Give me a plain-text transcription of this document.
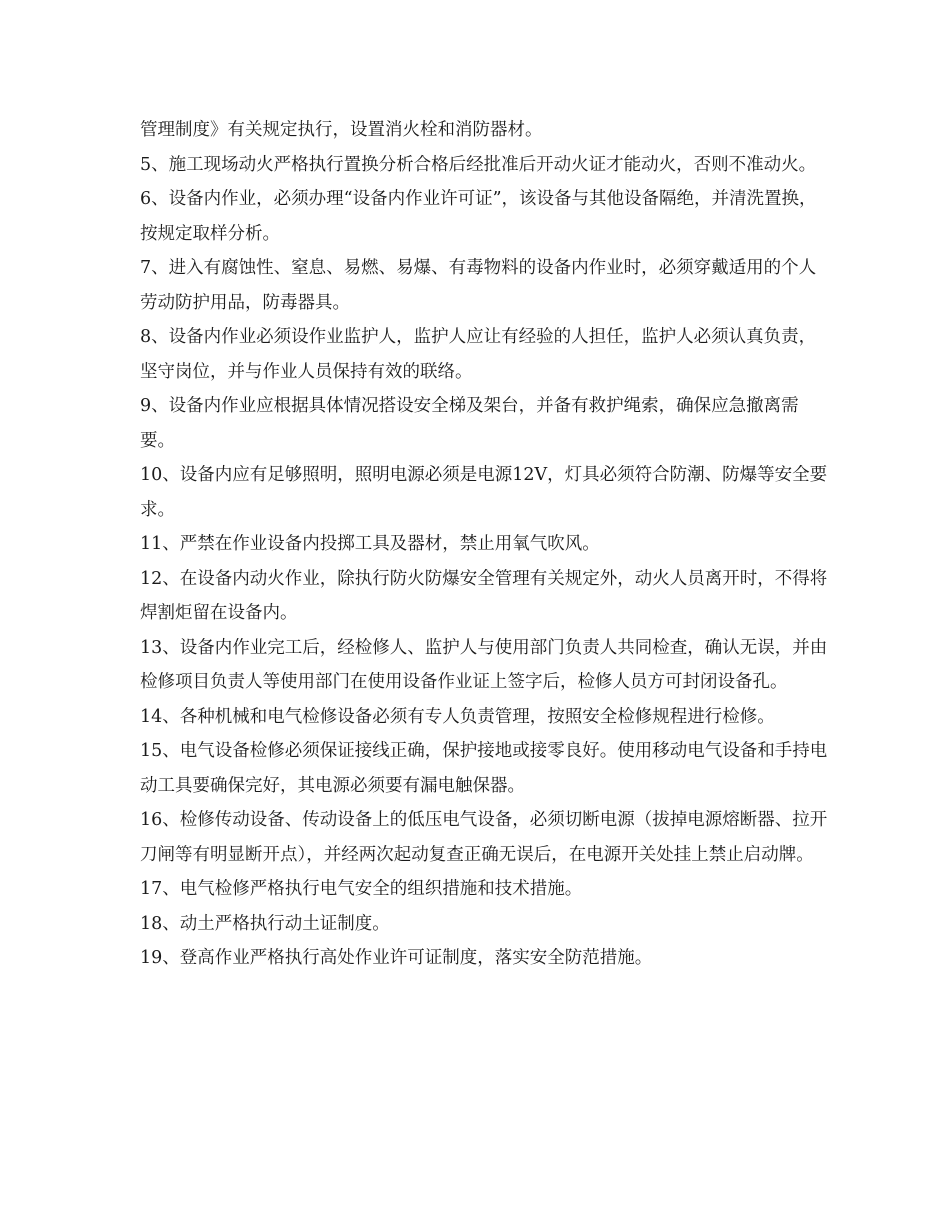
管理制度》有关规定执行，设置消火栓和消防器材。

5、施工现场动火严格执行置换分析合格后经批准后开动火证才能动火，否则不准动火。

6、设备内作业，必须办理“设备内作业许可证”，该设备与其他设备隔绝，并清洗置换，按规定取样分析。

7、进入有腐蚀性、窒息、易燃、易爆、有毒物料的设备内作业时，必须穿戴适用的个人劳动防护用品，防毒器具。

8、设备内作业必须设作业监护人，监护人应让有经验的人担任，监护人必须认真负责，坚守岗位，并与作业人员保持有效的联络。

9、设备内作业应根据具体情况搭设安全梯及架台，并备有救护绳索，确保应急撤离需要。

10、设备内应有足够照明，照明电源必须是电源12V，灯具必须符合防潮、防爆等安全要求。

11、严禁在作业设备内投掷工具及器材，禁止用氧气吹风。

12、在设备内动火作业，除执行防火防爆安全管理有关规定外，动火人员离开时，不得将焊割炬留在设备内。

13、设备内作业完工后，经检修人、监护人与使用部门负责人共同检查，确认无误，并由检修项目负责人等使用部门在使用设备作业证上签字后，检修人员方可封闭设备孔。

14、各种机械和电气检修设备必须有专人负责管理，按照安全检修规程进行检修。

15、电气设备检修必须保证接线正确，保护接地或接零良好。使用移动电气设备和手持电动工具要确保完好，其电源必须要有漏电触保器。

16、检修传动设备、传动设备上的低压电气设备，必须切断电源（拔掉电源熔断器、拉开刀闸等有明显断开点），并经两次起动复查正确无误后，在电源开关处挂上禁止启动牌。

17、电气检修严格执行电气安全的组织措施和技术措施。

18、动土严格执行动土证制度。

19、登高作业严格执行高处作业许可证制度，落实安全防范措施。
